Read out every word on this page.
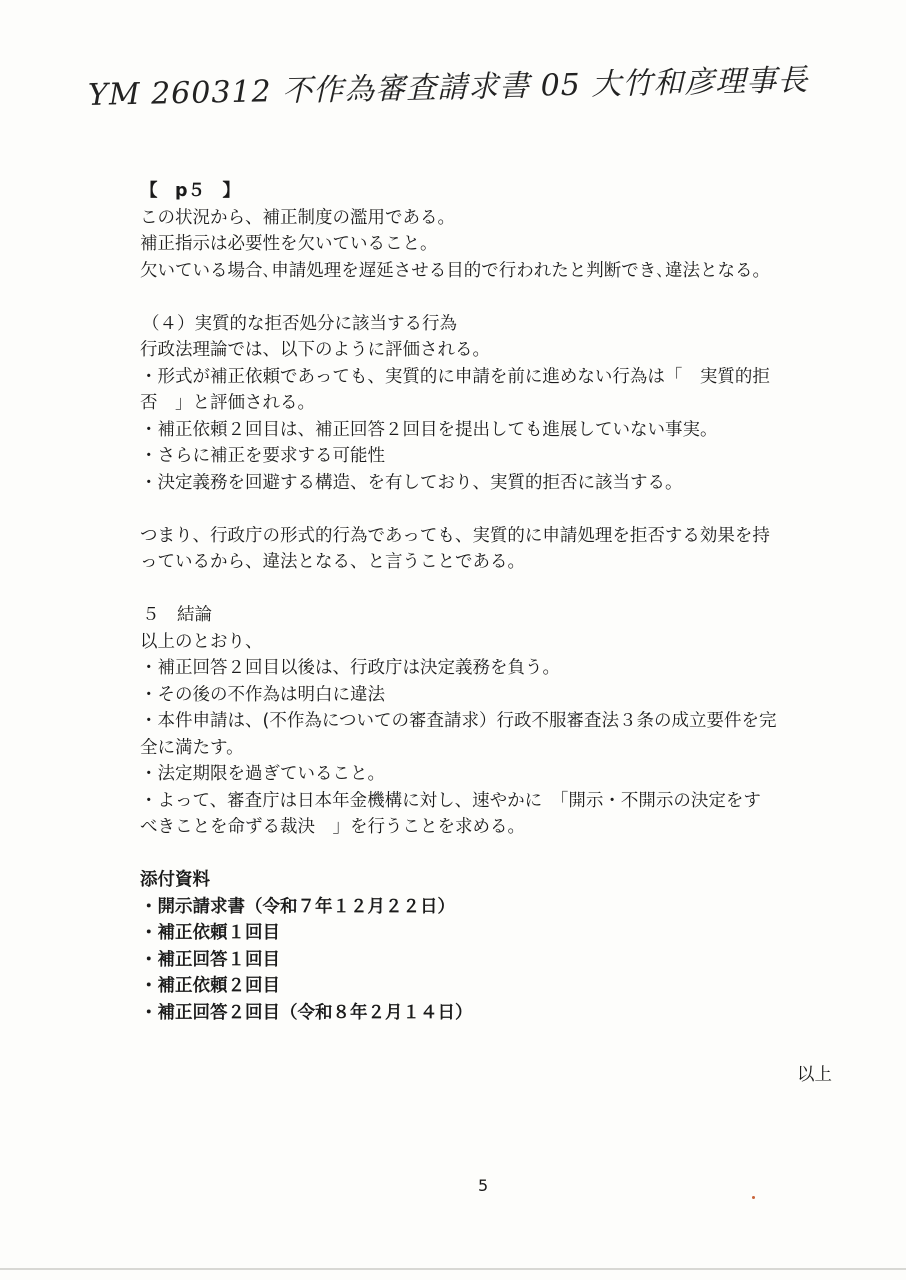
YM 260312 不作為審査請求書 05 大竹和彦理事長
【　p５　】
この状況から、補正制度の濫用である。
補正指示は必要性を欠いていること。
欠いている場合､申請処理を遅延させる目的で行われたと判断でき､違法となる。
（４）実質的な拒否処分に該当する行為
行政法理論では、以下のように評価される。
・形式が補正依頼であっても、実質的に申請を前に進めない行為は「　実質的拒
否　」と評価される。
・補正依頼２回目は、補正回答２回目を提出しても進展していない事実。
・さらに補正を要求する可能性
・決定義務を回避する構造、を有しており、実質的拒否に該当する。
つまり、行政庁の形式的行為であっても、実質的に申請処理を拒否する効果を持
っているから、違法となる、と言うことである。
５　結論
以上のとおり、
・補正回答２回目以後は、行政庁は決定義務を負う。
・その後の不作為は明白に違法
・本件申請は、(不作為についての審査請求）行政不服審査法３条の成立要件を完
全に満たす。
・法定期限を過ぎていること。
・よって、審査庁は日本年金機構に対し、速やかに　「開示・不開示の決定をす
べきことを命ずる裁決　」を行うことを求める。
添付資料
・開示請求書（令和７年１２月２２日）
・補正依頼１回目
・補正回答１回目
・補正依頼２回目
・補正回答２回目（令和８年２月１４日）
以上
5
